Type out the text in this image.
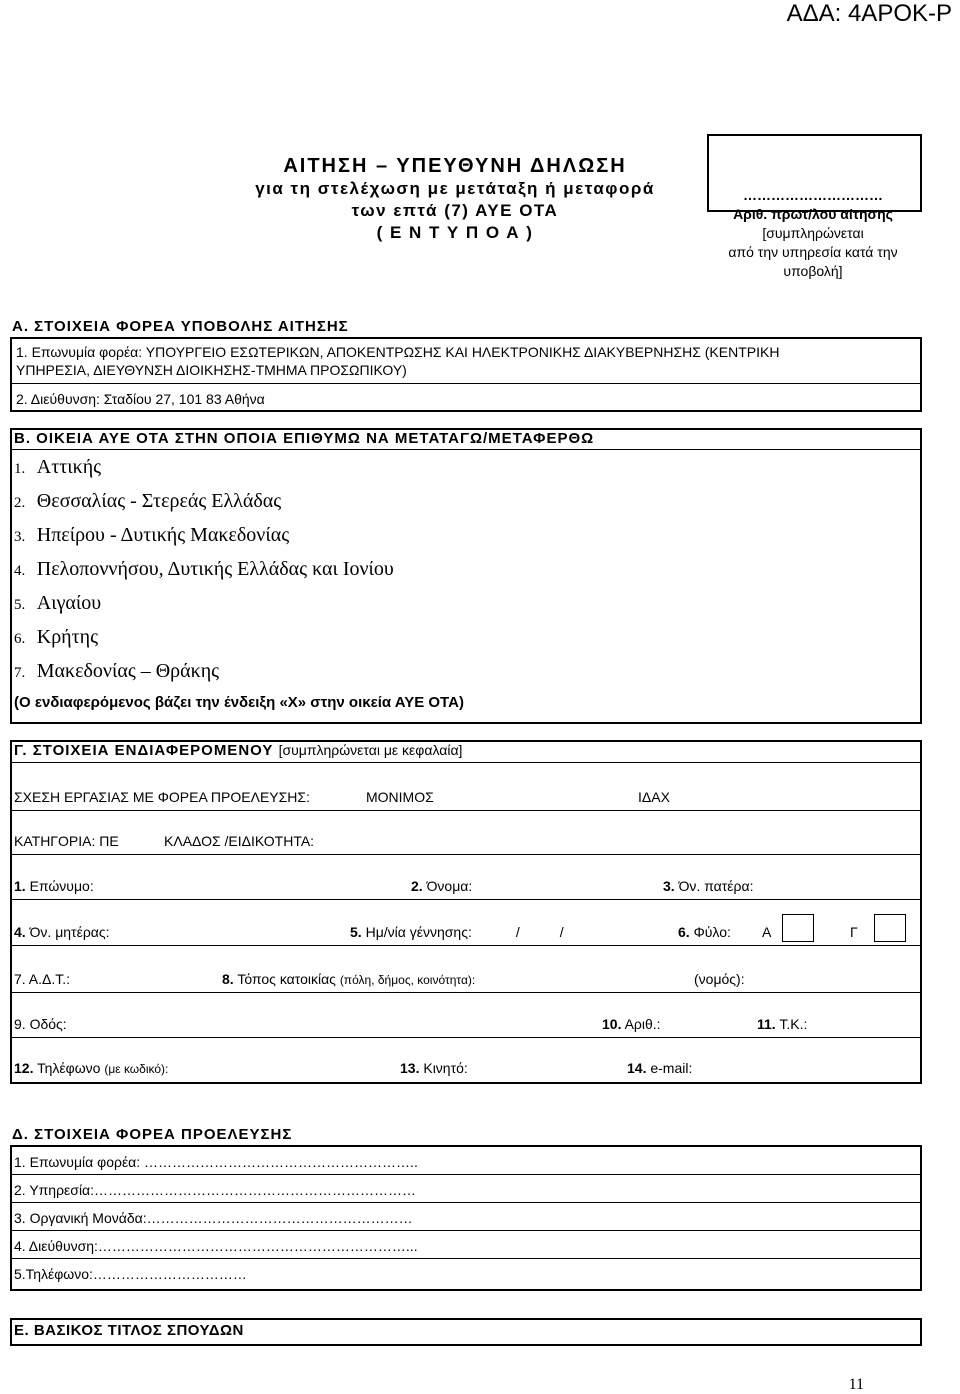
ΑΔΑ: 4ΑΡΟΚ-Ρ
ΑΙΤΗΣΗ – ΥΠΕΥΘΥΝΗ ΔΗΛΩΣΗ
για τη στελέχωση με μετάταξη ή μεταφορά
των επτά (7) ΑΥΕ ΟΤΑ
( Ε Ν Τ Υ Π Ο Α )
…………………………
Αριθ. πρωτ/λου αίτησης
[συμπληρώνεται
από την υπηρεσία κατά την
υποβολή]
Α. ΣΤΟΙΧΕΙΑ ΦΟΡΕΑ ΥΠΟΒΟΛΗΣ ΑΙΤΗΣΗΣ
1. Επωνυμία φορέα: ΥΠΟΥΡΓΕΙΟ ΕΣΩΤΕΡΙΚΩΝ, ΑΠΟΚΕΝΤΡΩΣΗΣ ΚΑΙ ΗΛΕΚΤΡΟΝΙΚΗΣ ΔΙΑΚΥΒΕΡΝΗΣΗΣ (ΚΕΝΤΡΙΚΗ
ΥΠΗΡΕΣΙΑ, ΔΙΕΥΘΥΝΣΗ ΔΙΟΙΚΗΣΗΣ-ΤΜΗΜΑ ΠΡΟΣΩΠΙΚΟΥ)
2. Διεύθυνση: Σταδίου 27, 101 83 Αθήνα
Β. ΟΙΚΕΙΑ ΑΥΕ ΟΤΑ ΣΤΗΝ ΟΠΟΙΑ ΕΠΙΘΥΜΩ ΝΑ ΜΕΤΑΤΑΓΩ/ΜΕΤΑΦΕΡΘΩ
1. Αττικής
2. Θεσσαλίας - Στερεάς Ελλάδας
3. Ηπείρου - Δυτικής Μακεδονίας
4. Πελοποννήσου, Δυτικής Ελλάδας και Ιονίου
5. Αιγαίου
6. Κρήτης
7. Μακεδονίας – Θράκης
(Ο ενδιαφερόμενος βάζει την ένδειξη «Χ» στην οικεία ΑΥΕ ΟΤΑ)
Γ. ΣΤΟΙΧΕΙΑ ΕΝΔΙΑΦΕΡΟΜΕΝΟΥ [συμπληρώνεται με κεφαλαία]
ΣΧΕΣΗ ΕΡΓΑΣΙΑΣ ΜΕ ΦΟΡΕΑ ΠΡΟΕΛΕΥΣΗΣ:	ΜΟΝΙΜΟΣ	ΙΔΑΧ
ΚΑΤΗΓΟΡΙΑ: ΠΕ	ΚΛΑΔΟΣ /ΕΙΔΙΚΟΤΗΤΑ:
1. Επώνυμο:	2. Όνομα:	3. Όν. πατέρα:
4. Όν. μητέρας:	5. Ημ/νία γέννησης:	/	/	6. Φύλο:	Α	Γ
7. Α.Δ.Τ.:	8. Τόπος κατοικίας (πόλη, δήμος, κοινότητα):	(νομός):
9. Οδός:	10. Αριθ.:	11. Τ.Κ.:
12. Τηλέφωνο (με κωδικό):	13. Κινητό:	14. e-mail:
Δ. ΣΤΟΙΧΕΙΑ ΦΟΡΕΑ ΠΡΟΕΛΕΥΣΗΣ
1. Επωνυμία φορέα: …………………………………………………..
2. Υπηρεσία:……………………………………………………………
3. Οργανική Μονάδα:…………………………………………………
4. Διεύθυνση:…………………………………………………………...
5.Τηλέφωνο:……………………………
Ε. ΒΑΣΙΚΟΣ ΤΙΤΛΟΣ ΣΠΟΥΔΩΝ
11
